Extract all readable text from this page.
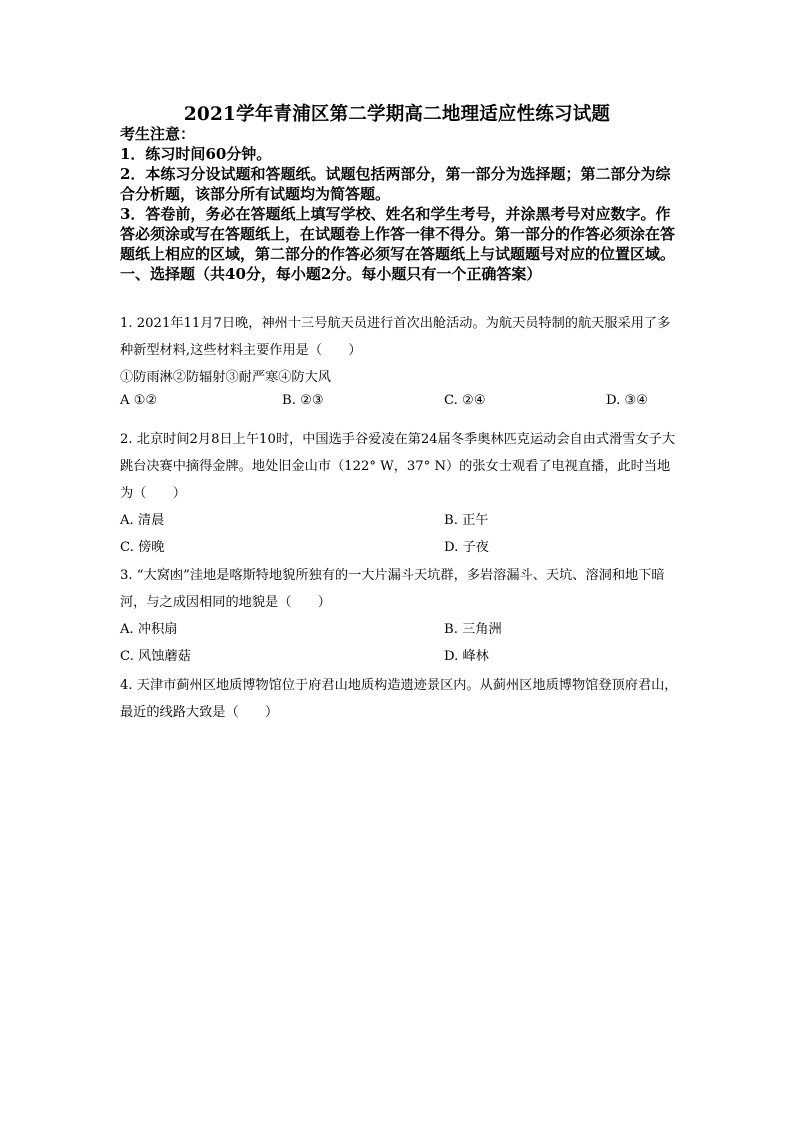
2021学年青浦区第二学期高二地理适应性练习试题

考生注意：

1．练习时间60分钟。

2．本练习分设试题和答题纸。试题包括两部分，第一部分为选择题；第二部分为综合分析题，该部分所有试题均为简答题。

3．答卷前，务必在答题纸上填写学校、姓名和学生考号，并涂黑考号对应数字。作答必须涂或写在答题纸上，在试题卷上作答一律不得分。第一部分的作答必须涂在答题纸上相应的区域，第二部分的作答必须写在答题纸上与试题题号对应的位置区域。

一、选择题（共40分，每小题2分。每小题只有一个正确答案）

1. 2021年11月7日晚，神州十三号航天员进行首次出舱活动。为航天员特制的航天服采用了多种新型材料,这些材料主要作用是（　　）

①防雨淋②防辐射③耐严寒④防大风

A ①②	B. ②③	C. ②④	D. ③④

2. 北京时间2月8日上午10时，中国选手谷爱凌在第24届冬季奥林匹克运动会自由式滑雪女子大跳台决赛中摘得金牌。地处旧金山市（122° W，37° N）的张女士观看了电视直播，此时当地为（　　）

A. 清晨	B. 正午
C. 傍晚	D. 子夜

3. “大窝凼”洼地是喀斯特地貌所独有的一大片漏斗天坑群，多岩溶漏斗、天坑、溶洞和地下暗河，与之成因相同的地貌是（　　）

A. 冲积扇	B. 三角洲
C. 风蚀蘑菇	D. 峰林

4. 天津市蓟州区地质博物馆位于府君山地质构造遗迹景区内。从蓟州区地质博物馆登顶府君山，最近的线路大致是（　　）
